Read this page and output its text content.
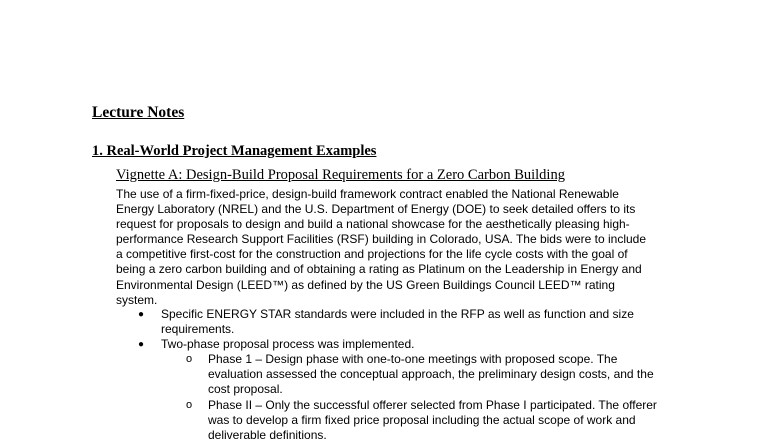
Lecture Notes
1. Real-World Project Management Examples
Vignette A: Design-Build Proposal Requirements for a Zero Carbon Building

The use of a firm-fixed-price, design-build framework contract enabled the National Renewable
Energy Laboratory (NREL) and the U.S. Department of Energy (DOE) to seek detailed offers to its
request for proposals to design and build a national showcase for the aesthetically pleasing high-
performance Research Support Facilities (RSF) building in Colorado, USA. The bids were to include
a competitive first-cost for the construction and projections for the life cycle costs with the goal of
being a zero carbon building and of obtaining a rating as Platinum on the Leadership in Energy and
Environmental Design (LEED™) as defined by the US Green Buildings Council LEED™ rating
system.

● Specific ENERGY STAR standards were included in the RFP as well as function and size
requirements.
● Two-phase proposal process was implemented.
o Phase 1 – Design phase with one-to-one meetings with proposed scope. The
evaluation assessed the conceptual approach, the preliminary design costs, and the
cost proposal.
o Phase II – Only the successful offerer selected from Phase I participated. The offerer
was to develop a firm fixed price proposal including the actual scope of work and
deliverable definitions.
